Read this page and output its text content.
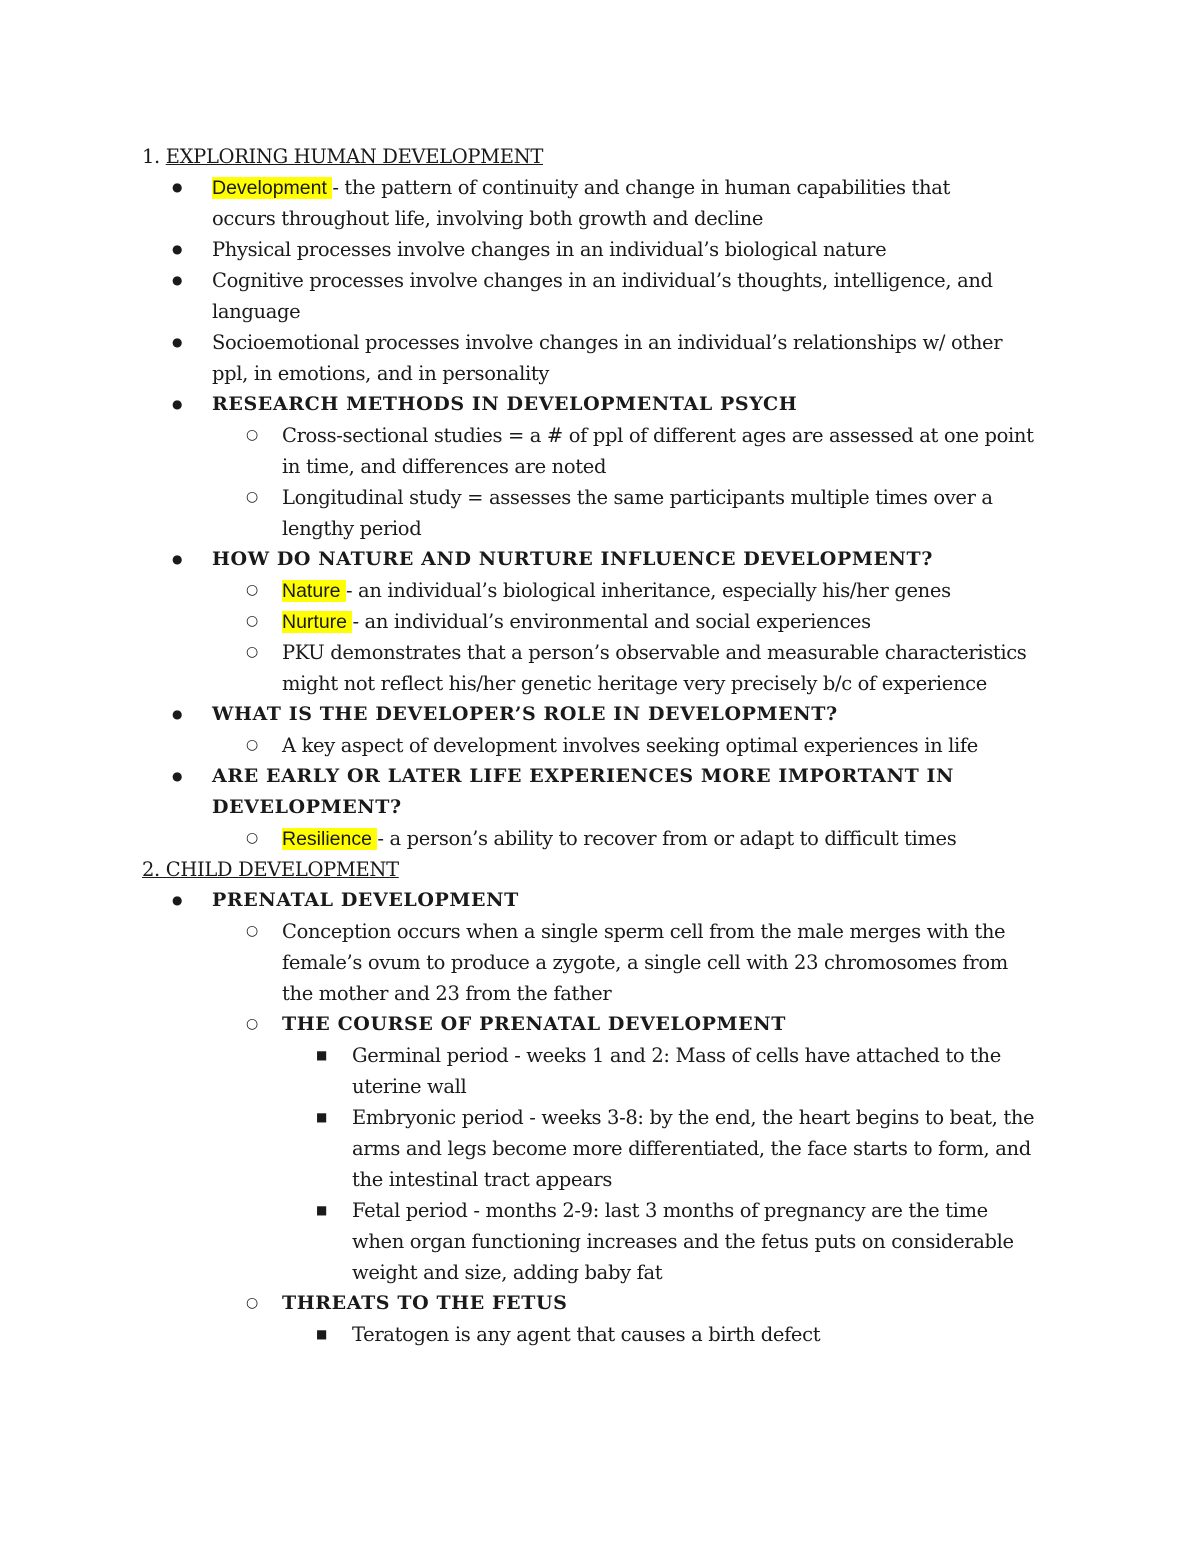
1. EXPLORING HUMAN DEVELOPMENT
● Development - the pattern of continuity and change in human capabilities that
occurs throughout life, involving both growth and decline
● Physical processes involve changes in an individual’s biological nature
● Cognitive processes involve changes in an individual’s thoughts, intelligence, and
language
● Socioemotional processes involve changes in an individual’s relationships w/ other
ppl, in emotions, and in personality
● RESEARCH METHODS IN DEVELOPMENTAL PSYCH
○ Cross-sectional studies = a # of ppl of different ages are assessed at one point
in time, and differences are noted
○ Longitudinal study = assesses the same participants multiple times over a
lengthy period
● HOW DO NATURE AND NURTURE INFLUENCE DEVELOPMENT?
○ Nature - an individual’s biological inheritance, especially his/her genes
○ Nurture - an individual’s environmental and social experiences
○ PKU demonstrates that a person’s observable and measurable characteristics
might not reflect his/her genetic heritage very precisely b/c of experience
● WHAT IS THE DEVELOPER’S ROLE IN DEVELOPMENT?
○ A key aspect of development involves seeking optimal experiences in life
● ARE EARLY OR LATER LIFE EXPERIENCES MORE IMPORTANT IN
DEVELOPMENT?
○ Resilience - a person’s ability to recover from or adapt to difficult times
2. CHILD DEVELOPMENT
● PRENATAL DEVELOPMENT
○ Conception occurs when a single sperm cell from the male merges with the
female’s ovum to produce a zygote, a single cell with 23 chromosomes from
the mother and 23 from the father
○ THE COURSE OF PRENATAL DEVELOPMENT
■ Germinal period - weeks 1 and 2: Mass of cells have attached to the
uterine wall
■ Embryonic period - weeks 3-8: by the end, the heart begins to beat, the
arms and legs become more differentiated, the face starts to form, and
the intestinal tract appears
■ Fetal period - months 2-9: last 3 months of pregnancy are the time
when organ functioning increases and the fetus puts on considerable
weight and size, adding baby fat
○ THREATS TO THE FETUS
■ Teratogen is any agent that causes a birth defect
